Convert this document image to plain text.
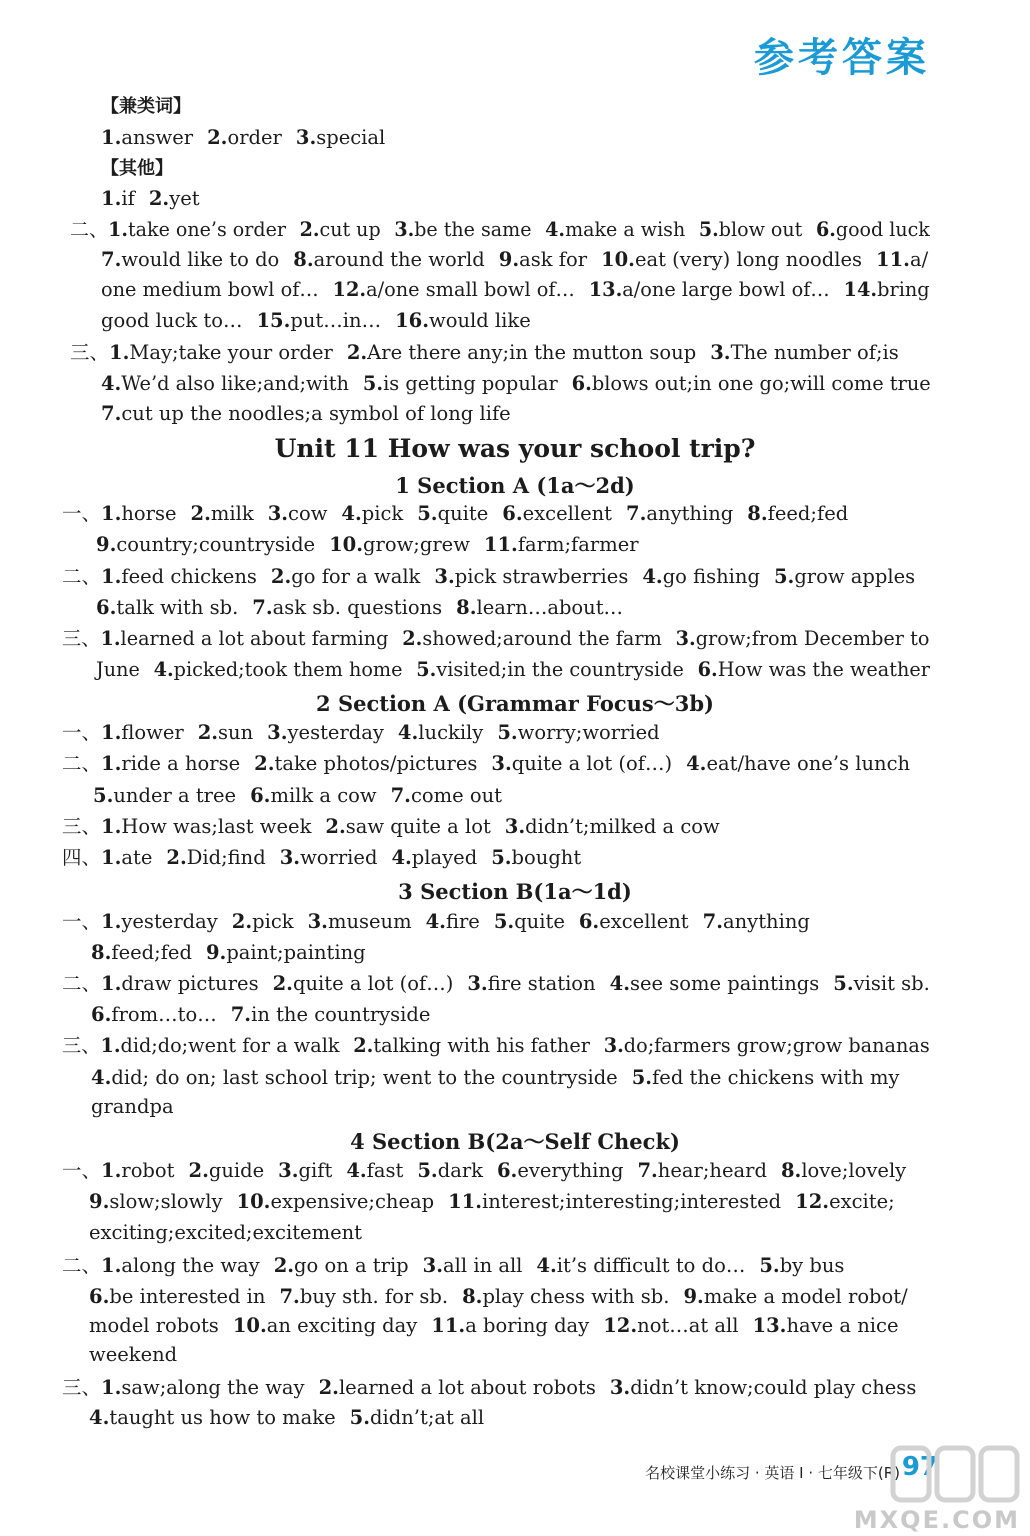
参考答案
【兼类词】
1.answer 2.order 3.special
【其他】
1.if 2.yet
二、1.take one’s order 2.cut up 3.be the same 4.make a wish 5.blow out 6.good luck
7.would like to do 8.around the world 9.ask for 10.eat (very) long noodles 11.a/
one medium bowl of… 12.a/one small bowl of… 13.a/one large bowl of… 14.bring
good luck to… 15.put…in… 16.would like
三、1.May;take your order 2.Are there any;in the mutton soup 3.The number of;is
4.We’d also like;and;with 5.is getting popular 6.blows out;in one go;will come true
7.cut up the noodles;a symbol of long life
一、1.horse 2.milk 3.cow 4.pick 5.quite 6.excellent 7.anything 8.feed;fed
9.country;countryside 10.grow;grew 11.farm;farmer
二、1.feed chickens 2.go for a walk 3.pick strawberries 4.go fishing 5.grow apples
6.talk with sb. 7.ask sb. questions 8.learn…about…
三、1.learned a lot about farming 2.showed;around the farm 3.grow;from December to
June 4.picked;took them home 5.visited;in the countryside 6.How was the weather
一、1.flower 2.sun 3.yesterday 4.luckily 5.worry;worried
二、1.ride a horse 2.take photos/pictures 3.quite a lot (of…) 4.eat/have one’s lunch
5.under a tree 6.milk a cow 7.come out
三、1.How was;last week 2.saw quite a lot 3.didn’t;milked a cow
四、1.ate 2.Did;find 3.worried 4.played 5.bought
一、1.yesterday 2.pick 3.museum 4.fire 5.quite 6.excellent 7.anything
8.feed;fed 9.paint;painting
二、1.draw pictures 2.quite a lot (of…) 3.fire station 4.see some paintings 5.visit sb.
6.from…to… 7.in the countryside
三、1.did;do;went for a walk 2.talking with his father 3.do;farmers grow;grow bananas
4.did; do on; last school trip; went to the countryside 5.fed the chickens with my
grandpa
一、1.robot 2.guide 3.gift 4.fast 5.dark 6.everything 7.hear;heard 8.love;lovely
9.slow;slowly 10.expensive;cheap 11.interest;interesting;interested 12.excite;
exciting;excited;excitement
二、1.along the way 2.go on a trip 3.all in all 4.it’s difficult to do… 5.by bus
6.be interested in 7.buy sth. for sb. 8.play chess with sb. 9.make a model robot/
model robots 10.an exciting day 11.a boring day 12.not…at all 13.have a nice
weekend
三、1.saw;along the way 2.learned a lot about robots 3.didn’t know;could play chess
4.taught us how to make 5.didn’t;at all
Unit 11 How was your school trip?
1 Section A (1a～2d)
2 Section A (Grammar Focus～3b)
3 Section B(1a～1d)
4 Section B(2a～Self Check)
名校课堂小练习 · 英语 I · 七年级下(R) 97
MXQE.COM
